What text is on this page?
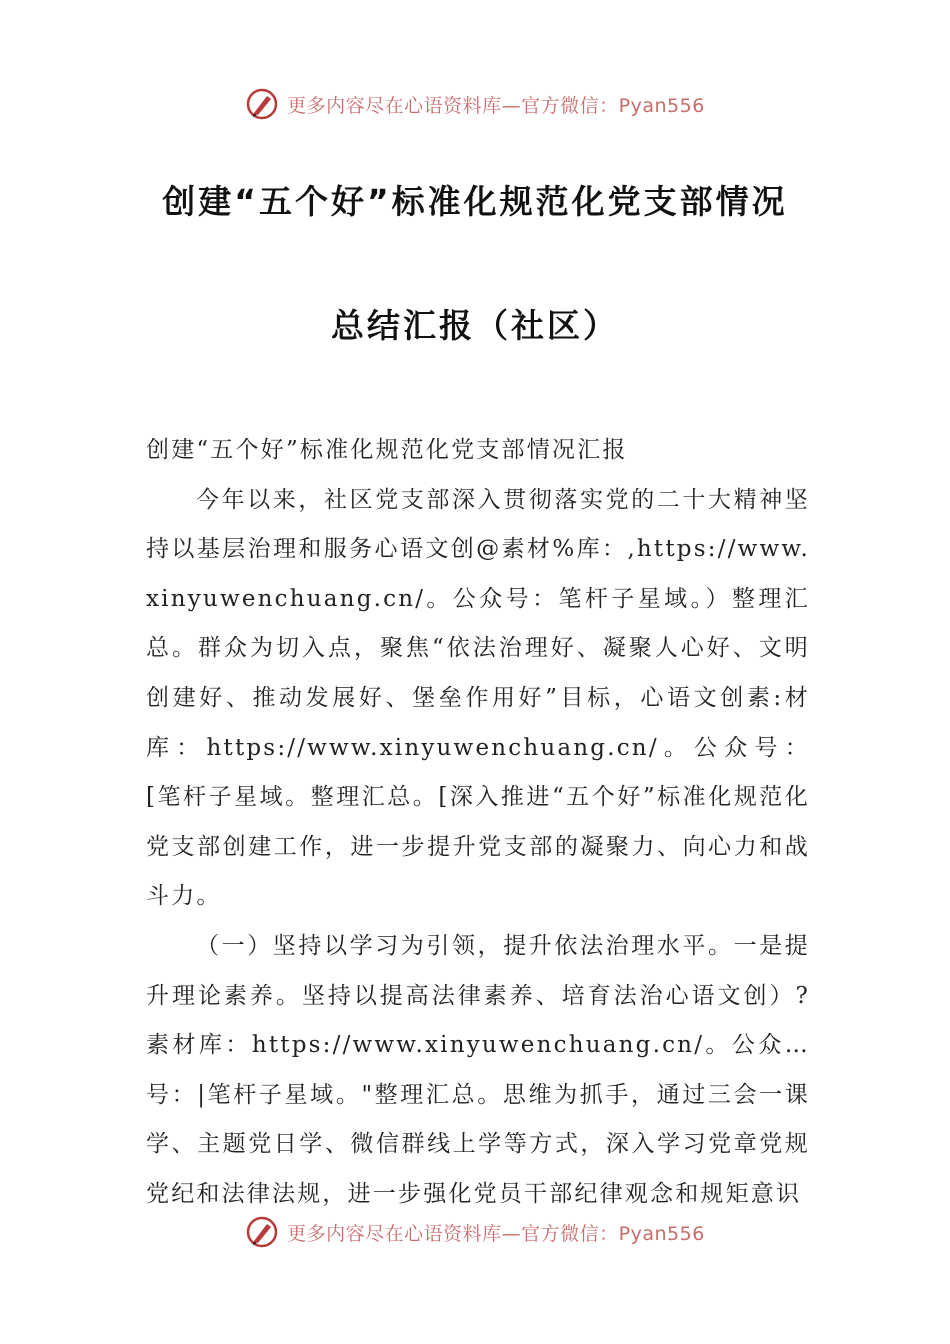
更多内容尽在心语资料库—官方微信：Pyan556
创建“五个好”标准化规范化党支部情况
总结汇报（社区）

创建“五个好”标准化规范化党支部情况汇报

今年以来，社区党支部深入贯彻落实党的二十大精神坚持以基层治理和服务心语文创@素材%库：,https://www.xinyuwenchuang.cn/。公众号：笔杆子星域。）整理汇总。群众为切入点，聚焦“依法治理好、凝聚人心好、文明创建好、推动发展好、堡垒作用好”目标，心语文创素:材库：https://www.xinyuwenchuang.cn/。公众号：[笔杆子星域。整理汇总。[深入推进“五个好”标准化规范化党支部创建工作，进一步提升党支部的凝聚力、向心力和战斗力。

（一）坚持以学习为引领，提升依法治理水平。一是提升理论素养。坚持以提高法律素养、培育法治心语文创）?素材库：https://www.xinyuwenchuang.cn/。公众…号：|笔杆子星域。"整理汇总。思维为抓手，通过三会一课学、主题党日学、微信群线上学等方式，深入学习党章党规党纪和法律法规，进一步强化党员干部纪律观念和规矩意识

更多内容尽在心语资料库—官方微信：Pyan556
